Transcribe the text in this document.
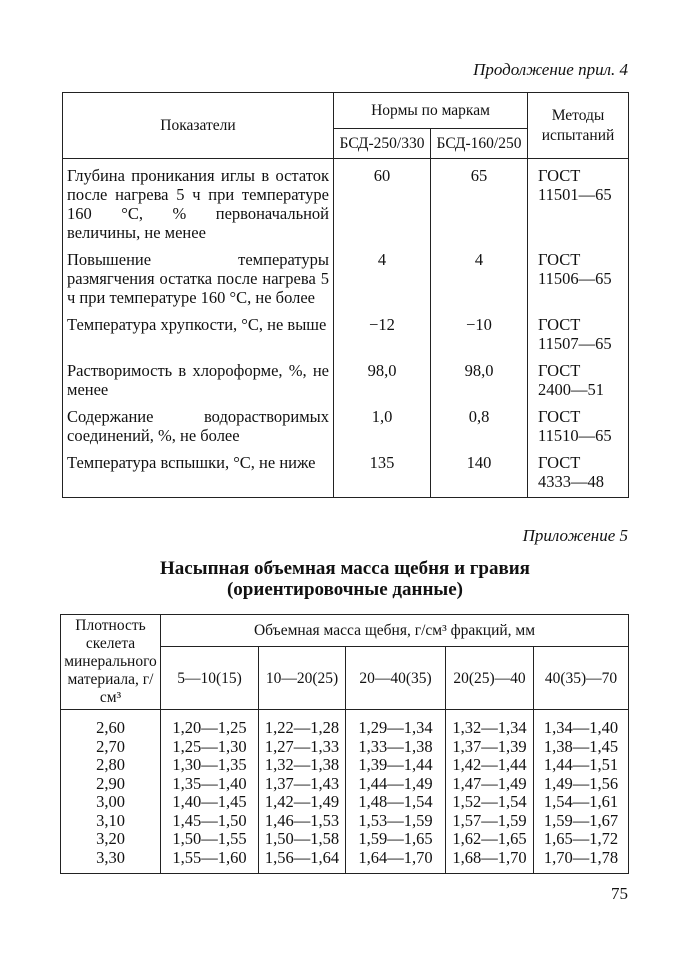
Продолжение прил. 4
Показатели	Нормы по маркам	Методы испытаний
БСД-250/330	БСД-160/250
Глубина проникания иглы в остаток после нагрева 5 ч при температуре 160 °С, % первоначальной величины, не менее	60	65	ГОСТ
11501—65

Повышение температуры размягчения остатка после нагрева 5 ч при температуре 160 °С, не более	4	4	ГОСТ
11506—65

Температура хрупкости, °С, не выше	−12	−10	ГОСТ
11507—65

Растворимость в хлороформе, %, не менее	98,0	98,0	ГОСТ
2400—51

Содержание водорастворимых соединений, %, не более	1,0	0,8	ГОСТ
11510—65

Температура вспышки, °С, не ниже	135	140	ГОСТ
4333—48
Приложение 5
Насыпная объемная масса щебня и гравия
(ориентировочные данные)
Плотность скелета минерального материала, г/см³	Объемная масса щебня, г/см³ фракций, мм
5—10(15)	10—20(25)	20—40(35)	20(25)—40	40(35)—70
2,60	1,20—1,25	1,22—1,28	1,29—1,34	1,32—1,34	1,34—1,40
2,70	1,25—1,30	1,27—1,33	1,33—1,38	1,37—1,39	1,38—1,45
2,80	1,30—1,35	1,32—1,38	1,39—1,44	1,42—1,44	1,44—1,51
2,90	1,35—1,40	1,37—1,43	1,44—1,49	1,47—1,49	1,49—1,56
3,00	1,40—1,45	1,42—1,49	1,48—1,54	1,52—1,54	1,54—1,61
3,10	1,45—1,50	1,46—1,53	1,53—1,59	1,57—1,59	1,59—1,67
3,20	1,50—1,55	1,50—1,58	1,59—1,65	1,62—1,65	1,65—1,72
3,30	1,55—1,60	1,56—1,64	1,64—1,70	1,68—1,70	1,70—1,78
75
